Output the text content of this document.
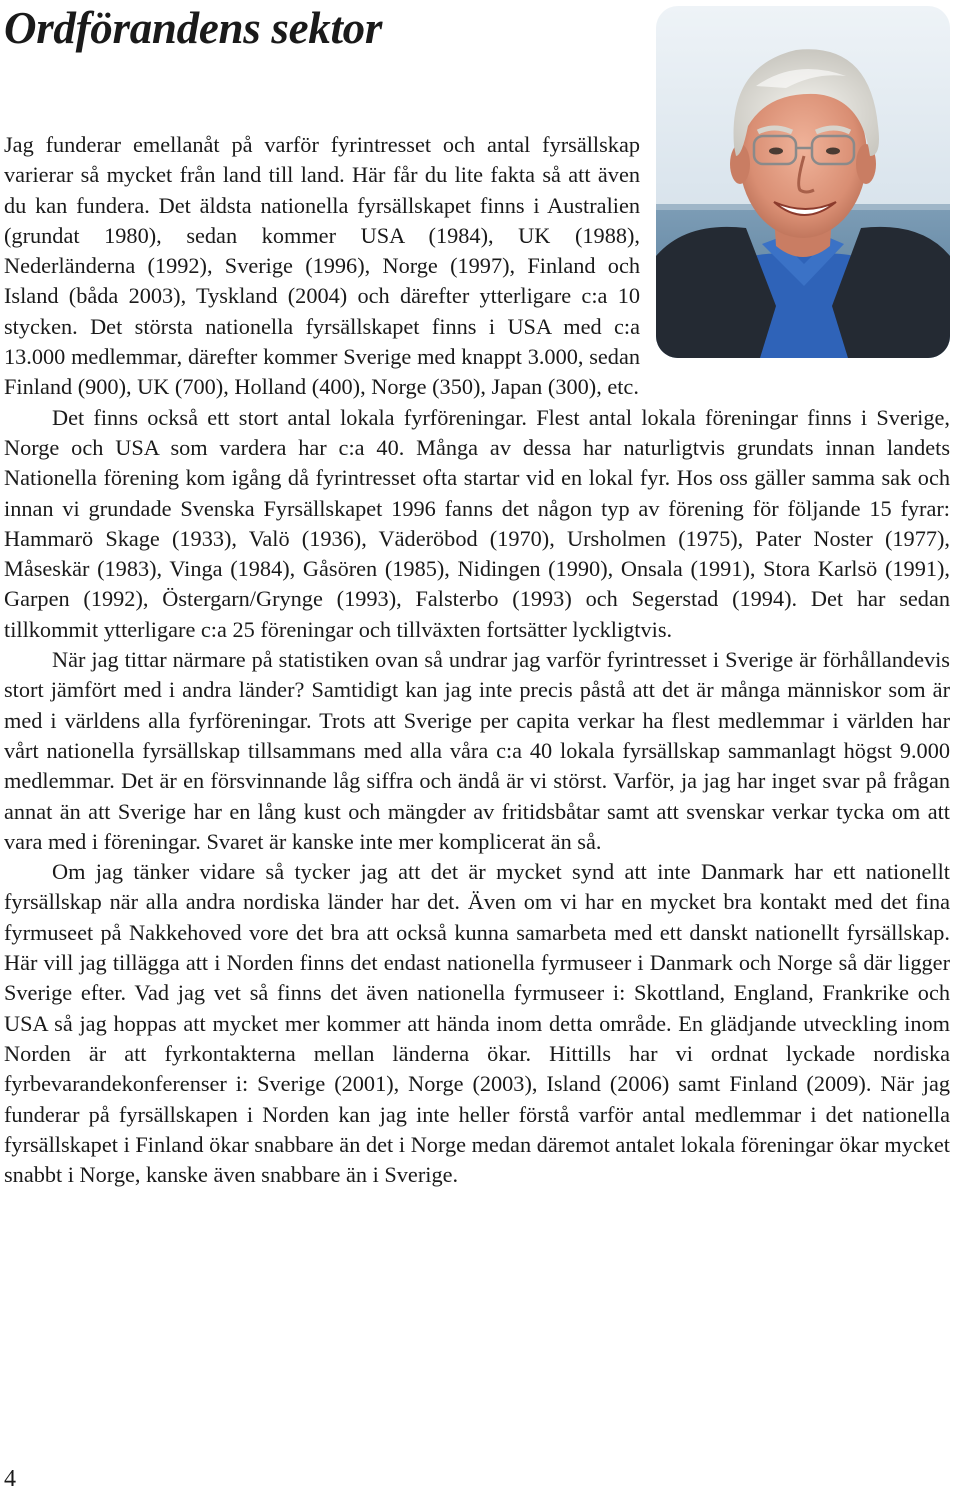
Ordförandens sektor

Jag funderar emellanåt på varför fyrintresset och antal fyrsällskap varierar så mycket från land till land. Här får du lite fakta så att även du kan fundera. Det äldsta nationella fyrsällskapet finns i Australien (grundat 1980), sedan kommer USA (1984), UK (1988), Nederländerna (1992), Sverige (1996), Norge (1997), Finland och Island (båda 2003), Tyskland (2004) och därefter ytterligare c:a 10 stycken. Det största nationella fyrsällskapet finns i USA med c:a 13.000 medlemmar, därefter kommer Sverige med knappt 3.000, sedan Finland (900), UK (700), Holland (400), Norge (350), Japan (300), etc.

Det finns också ett stort antal lokala fyrföreningar. Flest antal lokala föreningar finns i Sverige, Norge och USA som vardera har c:a 40. Många av dessa har naturligtvis grundats innan landets Nationella förening kom igång då fyrintresset ofta startar vid en lokal fyr. Hos oss gäller samma sak och innan vi grundade Svenska Fyrsällskapet 1996 fanns det någon typ av förening för följande 15 fyrar: Hammarö Skage (1933), Valö (1936), Väderöbod (1970), Ursholmen (1975), Pater Noster (1977), Måseskär (1983), Vinga (1984), Gåsören (1985), Nidingen (1990), Onsala (1991), Stora Karlsö (1991), Garpen (1992), Östergarn/Grynge (1993), Falsterbo (1993) och Segerstad (1994). Det har sedan tillkommit ytterligare c:a 25 föreningar och tillväxten fortsätter lyckligtvis.

När jag tittar närmare på statistiken ovan så undrar jag varför fyrintresset i Sverige är förhållandevis stort jämfört med i andra länder? Samtidigt kan jag inte precis påstå att det är många människor som är med i världens alla fyrföreningar. Trots att Sverige per capita verkar ha flest medlemmar i världen har vårt nationella fyrsällskap tillsammans med alla våra c:a 40 lokala fyrsällskap sammanlagt högst 9.000 medlemmar. Det är en försvinnande låg siffra och ändå är vi störst. Varför, ja jag har inget svar på frågan annat än att Sverige har en lång kust och mängder av fritidsbåtar samt att svenskar verkar tycka om att vara med i föreningar. Svaret är kanske inte mer komplicerat än så.

Om jag tänker vidare så tycker jag att det är mycket synd att inte Danmark har ett nationellt fyrsällskap när alla andra nordiska länder har det. Även om vi har en mycket bra kontakt med det fina fyrmuseet på Nakkehoved vore det bra att också kunna samarbeta med ett danskt nationellt fyrsällskap. Här vill jag tillägga att i Norden finns det endast nationella fyrmuseer i Danmark och Norge så där ligger Sverige efter. Vad jag vet så finns det även nationella fyrmuseer i: Skottland, England, Frankrike och USA så jag hoppas att mycket mer kommer att hända inom detta område. En glädjande utveckling inom Norden är att fyrkontakterna mellan länderna ökar. Hittills har vi ordnat lyckade nordiska fyrbevarandekonferenser i: Sverige (2001), Norge (2003), Island (2006) samt Finland (2009). När jag funderar på fyrsällskapen i Norden kan jag inte heller förstå varför antal medlemmar i det nationella fyrsällskapet i Finland ökar snabbare än det i Norge medan däremot antalet lokala föreningar ökar mycket snabbt i Norge, kanske även snabbare än i Sverige.

4
